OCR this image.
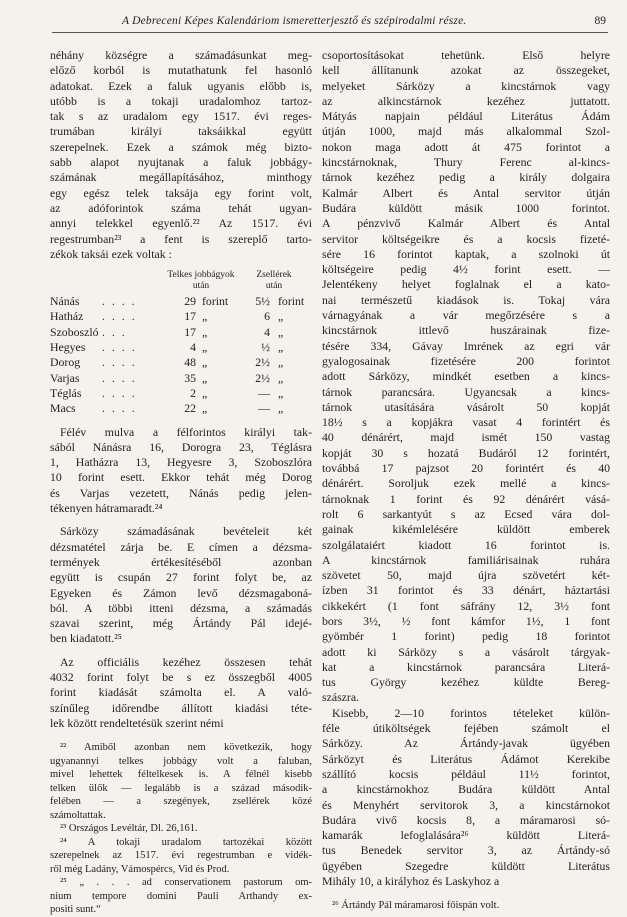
A Debreceni Képes Kalendáriom ismeretterjesztő és szépirodalmi része.	89
néhány községre a számadásunkat meg-
előző korból is mutathatunk fel hasonló
adatokat. Ezek a faluk ugyanis előbb is,
utóbb is a tokaji uradalomhoz tartoz-
tak s az uradalom egy 1517. évi reges-
trumában királyi taksáikkal együtt
szerepelnek. Ezek a számok még bizto-
sabb alapot nyujtanak a faluk jobbágy-
számának megállapításához, minthogy
egy egész telek taksája egy forint volt,
az adóforintok száma tehát ugyan-
annyi telekkel egyenlő.²² Az 1517. évi
regestrumban²³ a fent is szereplő tarto-
zékok taksái ezek voltak :
Telkes jobbágyok
után
Zsellérek
után
Nánás . . . .	29 forint	5½ forint
Hatház . . . .	17 „	6 „
Szoboszló . . .	17 „	4 „
Hegyes . . . .	4 „	½ „
Dorog . . . .	48 „	2½ „
Varjas . . . .	35 „	2½ „
Téglás . . . .	2 „	— „
Macs . . . .	22 „	— „
Félév mulva a félforintos királyi tak-
sából Nánásra 16, Dorogra 23, Téglásra
1, Hatházra 13, Hegyesre 3, Szoboszlóra
10 forint esett. Ekkor tehát még Dorog
és Varjas vezetett, Nánás pedig jelen-
tékenyen hátramaradt.²⁴
Sárközy számadásának bevételeit két
dézsmatétel zárja be. E címen a dézsma-
termények értékesítéséből azonban
együtt is csupán 27 forint folyt be, az
Egyeken és Zámon levő dézsmagaboná-
ból. A többi itteni dézsma, a számadás
szavai szerint, még Ártándy Pál idejé-
ben kiadatott.²⁵
Az officiális kezéhez összesen tehát
4032 forint folyt be s ez összegből 4005
forint kiadását számolta el. A való-
színűleg időrendbe állított kiadási téte-
lek között rendeltetésük szerint némi
²² Amiből azonban nem következik, hogy
ugyanannyi telkes jobbágy volt a faluban,
mivel lehettek féltelkesek is. A félnél kisebb
telken ülők — legalább is a század második-
felében — a szegények, zsellérek közé
számoltattak.
²³ Országos Levéltár, Dl. 26,161.
²⁴ A tokaji uradalom tartozékai között
szerepelnek az 1517. évi regestrumban e vidék-
ről még Ladány, Vámospércs, Vid és Prod.
²⁵ „ . . . ad conservationem pastorum om-
nium tempore domini Pauli Arthandy ex-
positi sunt.“
csoportosításokat tehetünk. Első helyre
kell állítanunk azokat az összegeket,
melyeket Sárközy a kincstárnok vagy
az alkincstárnok kezéhez juttatott.
Mátyás napjain például Literátus Ádám
útján 1000, majd más alkalommal Szol-
nokon maga adott át 475 forintot a
kincstárnoknak, Thury Ferenc al-kincs-
tárnok kezéhez pedig a király dolgaira
Kalmár Albert és Antal servitor útján
Budára küldött másik 1000 forintot.
A pénzvivő Kalmár Albert és Antal
servitor költségeikre és a kocsis fizeté-
sére 16 forintot kaptak, a szolnoki út
költségeire pedig 4½ forint esett. —
Jelentékeny helyet foglalnak el a kato-
nai természetű kiadások is. Tokaj vára
várnagyának a vár megőrzésére s a
kincstárnok ittlevő huszárainak fize-
tésére 334, Gávay Imrének az egri vár
gyalogosainak fizetésére 200 forintot
adott Sárközy, mindkét esetben a kincs-
tárnok parancsára. Ugyancsak a kincs-
tárnok utasítására vásárolt 50 kopját
18½ s a kopjákra vasat 4 forintért és
40 dénárért, majd ismét 150 vastag
kopját 30 s hozatá Budáról 12 forintért,
továbbá 17 pajzsot 20 forintért és 40
dénárért. Soroljuk ezek mellé a kincs-
tárnoknak 1 forint és 92 dénárért vásá-
rolt 6 sarkantyút s az Ecsed vára dol-
gainak kikémlelésére küldött emberek
szolgálataiért kiadott 16 forintot is.
A kincstárnok familiárisainak ruhára
szövetet 50, majd újra szövetért két-
ízben 31 forintot és 33 dénárt, háztartási
cikkekért (1 font sáfrány 12, 3½ font
bors 3½, ½ font kámfor 1½, 1 font
gyömbér 1 forint) pedig 18 forintot
adott ki Sárközy s a vásárolt tárgyak-
kat a kincstárnok parancsára Literá-
tus György kezéhez küldte Bereg-
szászra.
Kisebb, 2—10 forintos tételeket külön-
féle útiköltségek fejében számolt el
Sárközy. Az Ártándy-javak ügyében
Sárközyt és Literátus Ádámot Kerekibe
szállító kocsis például 11½ forintot,
a kincstárnokhoz Budára küldött Antal
és Menyhért servitorok 3, a kincstárnokot
Budára vivő kocsis 8, a máramarosi só-
kamarák lefoglalására²⁶ küldött Literá-
tus Benedek servitor 3, az Ártándy-só
ügyében Szegedre küldött Literátus
Mihály 10, a királyhoz és Laskyhoz a
²⁶ Ártándy Pál máramarosi főispán volt.
